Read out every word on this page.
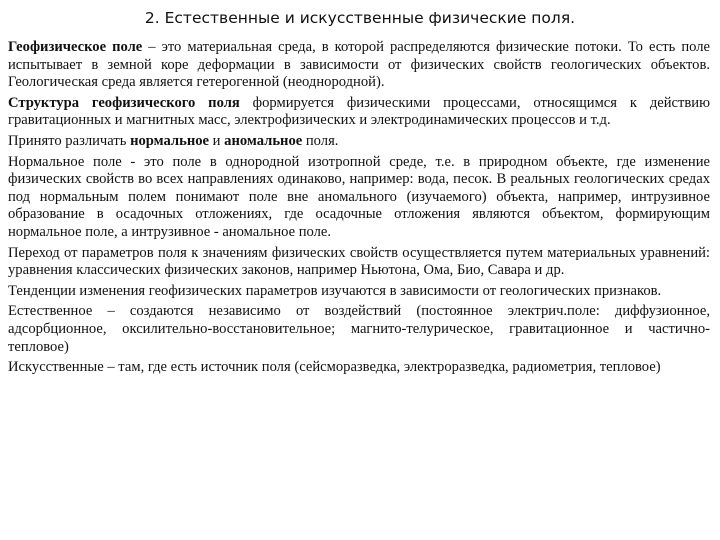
2. Естественные и искусственные физические поля.

Геофизическое поле – это материальная среда, в которой распределяются физические потоки. То есть поле испытывает в земной коре деформации в зависимости от физических свойств геологических объектов. Геологическая среда является гетерогенной (неоднородной).

Структура геофизического поля формируется физическими процессами, относящимся к действию гравитационных и магнитных масс, электрофизических и электродинамических процессов и т.д.

Принято различать нормальное и аномальное поля.

Нормальное поле - это поле в однородной изотропной среде, т.е. в природном объекте, где изменение физических свойств во всех направлениях одинаково, например: вода, песок. В реальных геологических средах под нормальным полем понимают поле вне аномального (изучаемого) объекта, например, интрузивное образование в осадочных отложениях, где осадочные отложения являются объектом, формирующим нормальное поле, а интрузивное - аномальное поле.

Переход от параметров поля к значениям физических свойств осуществляется путем материальных уравнений: уравнения классических физических законов, например Ньютона, Ома, Био, Савара и др.

Тенденции изменения геофизических параметров изучаются в зависимости от геологических признаков.

Естественное – создаются независимо от воздействий (постоянное электрич.поле: диффузионное, адсорбционное, оксилительно-восстановительное; магнито-телурическое, гравитационное и частично-тепловое)

Искусственные – там, где есть источник поля (сейсморазведка, электроразведка, радиометрия, тепловое)
